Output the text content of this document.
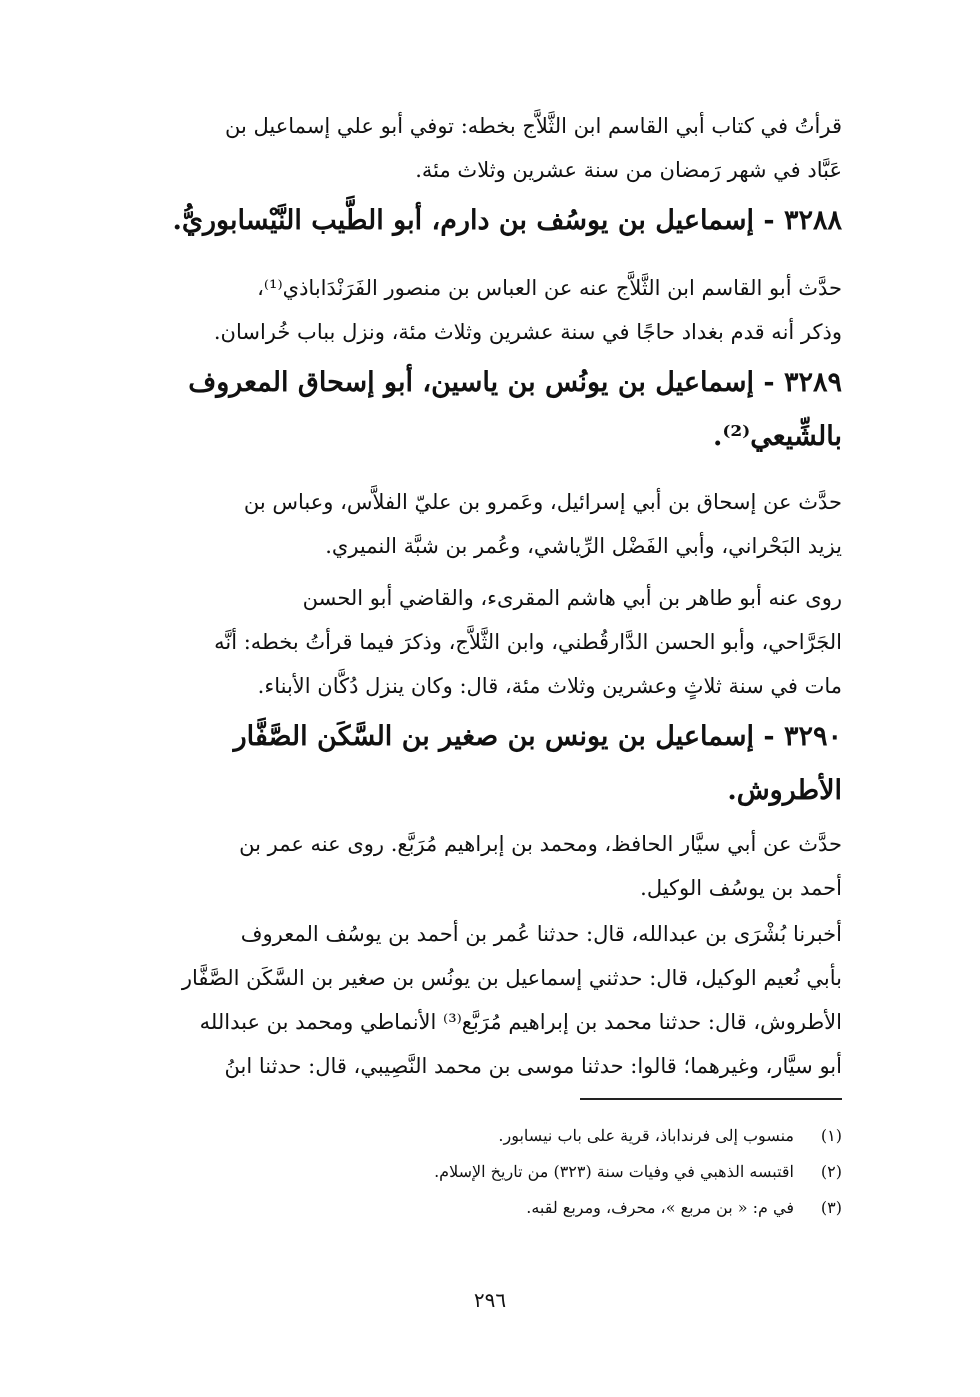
قرأتُ في كتاب أبي القاسم ابن الثَّلاَّج بخطه: توفي أبو علي إسماعيل بن
عَبَّاد في شهر رَمضان من سنة عشرين وثلاث مئة.
٣٢٨٨ - إسماعيل بن يوسُف بن دارم، أبو الطَّيب النَّيْسابوريُّ.
حدَّث أبو القاسم ابن الثَّلاَّج عنه عن العباس بن منصور الفَرَنْدَاباذي⁽¹⁾،
وذكر أنه قدم بغداد حاجًا في سنة عشرين وثلاث مئة، ونزل بباب خُراسان.
٣٢٨٩ - إسماعيل بن يونُس بن ياسين، أبو إسحاق المعروف
بالشِّيعي⁽²⁾.
حدَّث عن إسحاق بن أبي إسرائيل، وعَمرو بن عليّ الفلاَّس، وعباس بن
يزيد البَحْراني، وأبي الفَضْل الرِّياشي، وعُمر بن شبَّة النميري.
روى عنه أبو طاهر بن أبي هاشم المقرىء، والقاضي أبو الحسن
الجَرَّاحي، وأبو الحسن الدَّارقُطني، وابن الثَّلاَّج، وذكرَ فيما قرأتُ بخطه: أنَّه
مات في سنة ثلاثٍ وعشرين وثلاث مئة، قال: وكان ينزل دُكَّان الأبناء.
٣٢٩٠ - إسماعيل بن يونس بن صغير بن السَّكَن الصَّفَّار
الأطروش.
حدَّث عن أبي سيَّار الحافظ، ومحمد بن إبراهيم مُرَبَّع. روى عنه عمر بن
أحمد بن يوسُف الوكيل.
أخبرنا بُشْرَى بن عبدالله، قال: حدثنا عُمر بن أحمد بن يوسُف المعروف
بأبي نُعيم الوكيل، قال: حدثني إسماعيل بن يونُس بن صغير بن السَّكَن الصَّفَّار
الأطروش، قال: حدثنا محمد بن إبراهيم مُرَبَّع⁽³⁾ الأنماطي ومحمد بن عبدالله
أبو سيَّار، وغيرهما؛ قالوا: حدثنا موسى بن محمد النَّصِيبي، قال: حدثنا ابنُ
(١)
منسوب إلى فرنداباذ، قرية على باب نيسابور.
(٢)
اقتبسه الذهبي في وفيات سنة (٣٢٣) من تاريخ الإسلام.
(٣)
في م: « بن مربع »، محرف، ومربع لقبه.
٢٩٦
